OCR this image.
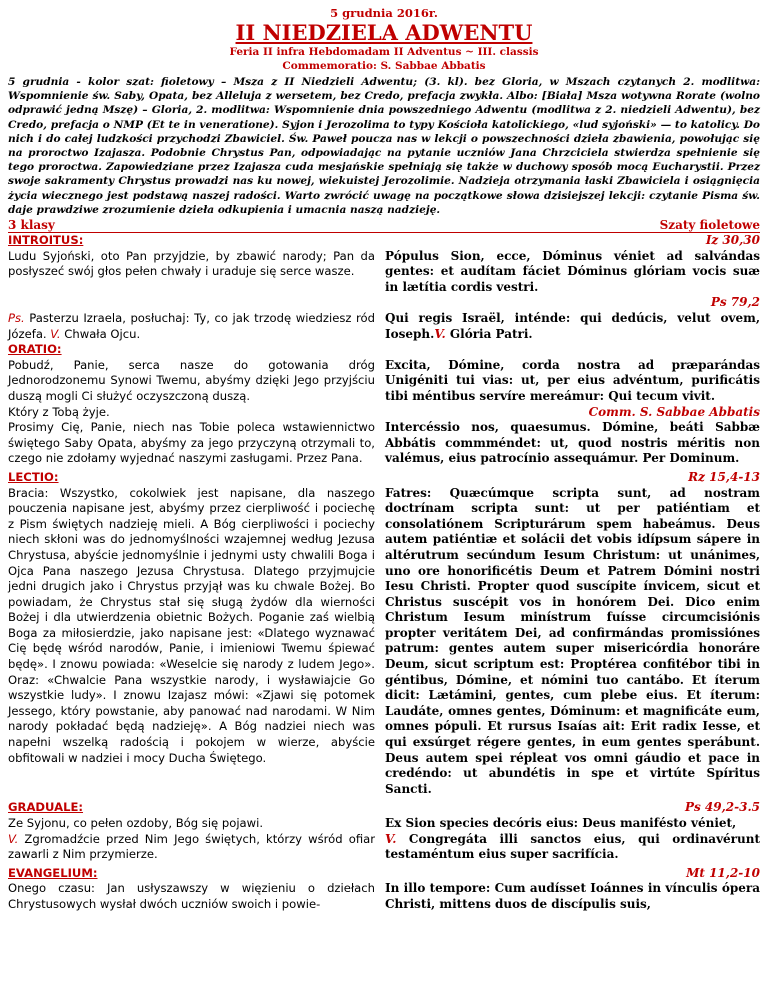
5 grudnia 2016r.
II NIEDZIELA ADWENTU
Feria II infra Hebdomadam II Adventus ~ III. classis
Commemoratio: S. Sabbae Abbatis

5 grudnia - kolor szat: fioletowy – Msza z II Niedzieli Adwentu; (3. kl). bez Gloria, w Mszach czytanych 2. modlitwa: Wspomnienie św. Saby, Opata, bez Alleluja z wersetem, bez Credo, prefacja zwykła. Albo: [Biała] Msza wotywna Rorate (wolno odprawić jedną Mszę) – Gloria, 2. modlitwa: Wspomnienie dnia powszedniego Adwentu (modlitwa z 2. niedzieli Adwentu), bez Credo, prefacja o NMP (Et te in veneratione). Syjon i Jerozolima to typy Kościoła katolickiego, «lud syjoński» — to katolicy. Do nich i do całej ludzkości przychodzi Zbawiciel. Św. Paweł poucza nas w lekcji o powszechności dzieła zbawienia, powołując się na proroctwo Izajasza. Podobnie Chrystus Pan, odpowiadając na pytanie uczniów Jana Chrzciciela stwierdza spełnienie się tego proroctwa. Zapowiedziane przez Izajasza cuda mesjańskie spełniają się także w duchowy sposób mocą Eucharystii. Przez swoje sakramenty Chrystus prowadzi nas ku nowej, wiekuistej Jerozolimie. Nadzieja otrzymania łaski Zbawiciela i osiągnięcia życia wiecznego jest podstawą naszej radości. Warto zwrócić uwagę na początkowe słowa dzisiejszej lekcji: czytanie Pisma św. daje prawdziwe zrozumienie dzieła odkupienia i umacnia naszą nadzieję.

3 klasy	Szaty fioletowe
INTROITUS:

Ludu Syjoński, oto Pan przyjdzie, by zbawić narody; Pan da posłyszeć swój głos pełen chwały i uraduje się serce wasze.

Iz 30,30

Pópulus Sion, ecce, Dóminus véniet ad salvándas gentes: et audítam fáciet Dóminus glóriam vocis suæ in lætítia cordis vestri.

Ps. Pasterzu Izraela, posłuchaj: Ty, co jak trzodę wiedziesz ród Józefa. V. Chwała Ojcu.

Ps 79,2

Qui regis Israël, inténde: qui dedúcis, velut ovem, Ioseph.V. Glória Patri.

ORATIO:

Pobudź, Panie, serca nasze do gotowania dróg Jednorodzonemu Synowi Twemu, abyśmy dzięki Jego przyjściu duszą mogli Ci służyć oczyszczoną duszą.

Który z Tobą żyje.

Prosimy Cię, Panie, niech nas Tobie poleca wstawiennictwo świętego Saby Opata, abyśmy za jego przyczyną otrzymali to, czego nie zdołamy wyjednać naszymi zasługami. Przez Pana.

Excita, Dómine, corda nostra ad præparándas Unigéniti tui vias: ut, per eius advéntum, purificátis tibi méntibus servíre mereámur: Qui tecum vivit.

Comm. S. Sabbae Abbatis

Intercéssio nos, quaesumus. Dómine, beáti Sabbæ Abbátis commméndet: ut, quod nostris méritis non valémus, eius patrocínio assequámur. Per Dominum.

LECTIO:

Bracia: Wszystko, cokolwiek jest napisane, dla naszego pouczenia napisane jest, abyśmy przez cierpliwość i pociechę z Pism świętych nadzieję mieli. A Bóg cierpliwości i pociechy niech skłoni was do jednomyślności wzajemnej według Jezusa Chrystusa, abyście jednomyślnie i jednymi usty chwalili Boga i Ojca Pana naszego Jezusa Chrystusa. Dlatego przyjmujcie jedni drugich jako i Chrystus przyjął was ku chwale Bożej. Bo powiadam, że Chrystus stał się sługą żydów dla wierności Bożej i dla utwierdzenia obietnic Bożych. Poganie zaś wielbią Boga za miłosierdzie, jako napisane jest: «Dlatego wyznawać Cię będę wśród narodów, Panie, i imieniowi Twemu śpiewać będę». I znowu powiada: «Weselcie się narody z ludem Jego». Oraz: «Chwalcie Pana wszystkie narody, i wysławiajcie Go wszystkie ludy». I znowu Izajasz mówi: «Zjawi się potomek Jessego, który powstanie, aby panować nad narodami. W Nim narody pokładać będą nadzieję». A Bóg nadziei niech was napełni wszelką radością i pokojem w wierze, abyście obfitowali w nadziei i mocy Ducha Świętego.

Rz 15,4-13

Fatres: Quæcúmque scripta sunt, ad nostram doctrínam scripta sunt: ut per patiéntiam et consolatiónem Scripturárum spem habeámus. Deus autem patiéntiæ et solácii det vobis idípsum sápere in altérutrum secúndum Iesum Christum: ut unánimes, uno ore honorificétis Deum et Patrem Dómini nostri Iesu Christi. Propter quod suscípite ínvicem, sicut et Christus suscépit vos in honórem Dei. Dico enim Christum Iesum minístrum fuísse circumcisiónis propter veritátem Dei, ad confirmándas promissiónes patrum: gentes autem super misericórdia honoráre Deum, sicut scriptum est: Proptérea confitébor tibi in géntibus, Dómine, et nómini tuo cantábo. Et íterum dicit: Lætámini, gentes, cum plebe eius. Et íterum: Laudáte, omnes gentes, Dóminum: et magnificáte eum, omnes pópuli. Et rursus Isaías ait: Erit radix Iesse, et qui exsúrget régere gentes, in eum gentes sperábunt. Deus autem spei répleat vos omni gáudio et pace in credéndo: ut abundétis in spe et virtúte Spíritus Sancti.

GRADUALE:

Ze Syjonu, co pełen ozdoby, Bóg się pojawi.

V. Zgromadźcie przed Nim Jego świętych, którzy wśród ofiar zawarli z Nim przymierze.

Ps 49,2-3.5

Ex Sion species decóris eius: Deus manifésto véniet,

V. Congregáta illi sanctos eius, qui ordinavérunt testaméntum eius super sacrifícia.

EVANGELIUM:

Onego czasu: Jan usłyszawszy w więzieniu o dziełach Chrystusowych wysłał dwóch uczniów swoich i powie-

Mt 11,2-10

In illo tempore: Cum audísset Ioánnes in vínculis ópera Christi, mittens duos de discípulis suis,
